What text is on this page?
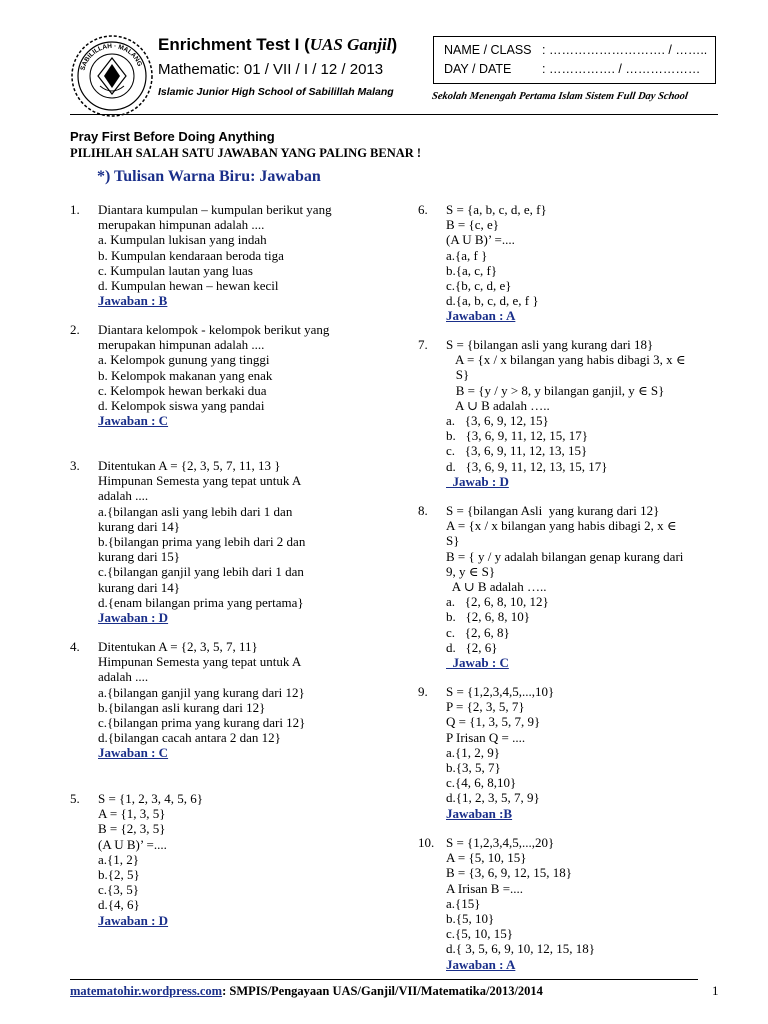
SABILILLAH · MALANG
Enrichment Test I (UAS Ganjil)
Mathematic: 01 / VII / I / 12 / 2013
Islamic Junior High School of Sabilillah Malang
NAME / CLASS : ………………………. / ……..
DAY / DATE : ……………. / ………………
Sekolah Menengah Pertama Islam Sistem Full Day School
Pray First Before Doing Anything
PILIHLAH SALAH SATU JAWABAN YANG PALING BENAR !
*) Tulisan Warna Biru: Jawaban
1. Diantara kumpulan – kumpulan berikut yang
merupakan himpunan adalah ....
a. Kumpulan lukisan yang indah
b. Kumpulan kendaraan beroda tiga
c. Kumpulan lautan yang luas
d. Kumpulan hewan – hewan kecil
Jawaban : B
2. Diantara kelompok - kelompok berikut yang
merupakan himpunan adalah ....
a. Kelompok gunung yang tinggi
b. Kelompok makanan yang enak
c. Kelompok hewan berkaki dua
d. Kelompok siswa yang pandai
Jawaban : C
3. Ditentukan A = {2, 3, 5, 7, 11, 13 }
Himpunan Semesta yang tepat untuk A
adalah ....
a.{bilangan asli yang lebih dari 1 dan
kurang dari 14}
b.{bilangan prima yang lebih dari 2 dan
kurang dari 15}
c.{bilangan ganjil yang lebih dari 1 dan
kurang dari 14}
d.{enam bilangan prima yang pertama}
Jawaban : D
4. Ditentukan A = {2, 3, 5, 7, 11}
Himpunan Semesta yang tepat untuk A
adalah ....
a.{bilangan ganjil yang kurang dari 12}
b.{bilangan asli kurang dari 12}
c.{bilangan prima yang kurang dari 12}
d.{bilangan cacah antara 2 dan 12}
Jawaban : C
5. S = {1, 2, 3, 4, 5, 6}
A = {1, 3, 5}
B = {2, 3, 5}
(A U B)’ =....
a.{1, 2}
b.{2, 5}
c.{3, 5}
d.{4, 6}
Jawaban : D
6. S = {a, b, c, d, e, f}
B = {c, e}
(A U B)’ =....
a.{a, f }
b.{a, c, f}
c.{b, c, d, e}
d.{a, b, c, d, e, f }
Jawaban : A
7. S = {bilangan asli yang kurang dari 18}
A = {x / x bilangan yang habis dibagi 3, x ∈
S}
B = {y / y > 8, y bilangan ganjil, y ∈ S}
A ∪ B adalah …..
a.   {3, 6, 9, 12, 15}
b.   {3, 6, 9, 11, 12, 15, 17}
c.   {3, 6, 9, 11, 12, 13, 15}
d.   {3, 6, 9, 11, 12, 13, 15, 17}
Jawab : D
8. S = {bilangan Asli  yang kurang dari 12}
A = {x / x bilangan yang habis dibagi 2, x ∈
S}
B = { y / y adalah bilangan genap kurang dari
9, y ∈ S}
A ∪ B adalah …..
a.   {2, 6, 8, 10, 12}
b.   {2, 6, 8, 10}
c.   {2, 6, 8}
d.   {2, 6}
Jawab : C
9. S = {1,2,3,4,5,...,10}
P = {2, 3, 5, 7}
Q = {1, 3, 5, 7, 9}
P Irisan Q = ....
a.{1, 2, 9}
b.{3, 5, 7}
c.{4, 6, 8,10}
d.{1, 2, 3, 5, 7, 9}
Jawaban :B
10. S = {1,2,3,4,5,...,20}
A = {5, 10, 15}
B = {3, 6, 9, 12, 15, 18}
A Irisan B =....
a.{15}
b.{5, 10}
c.{5, 10, 15}
d.{ 3, 5, 6, 9, 10, 12, 15, 18}
Jawaban : A
matematohir.wordpress.com: SMPIS/Pengayaan UAS/Ganjil/VII/Matematika/2013/2014	1
